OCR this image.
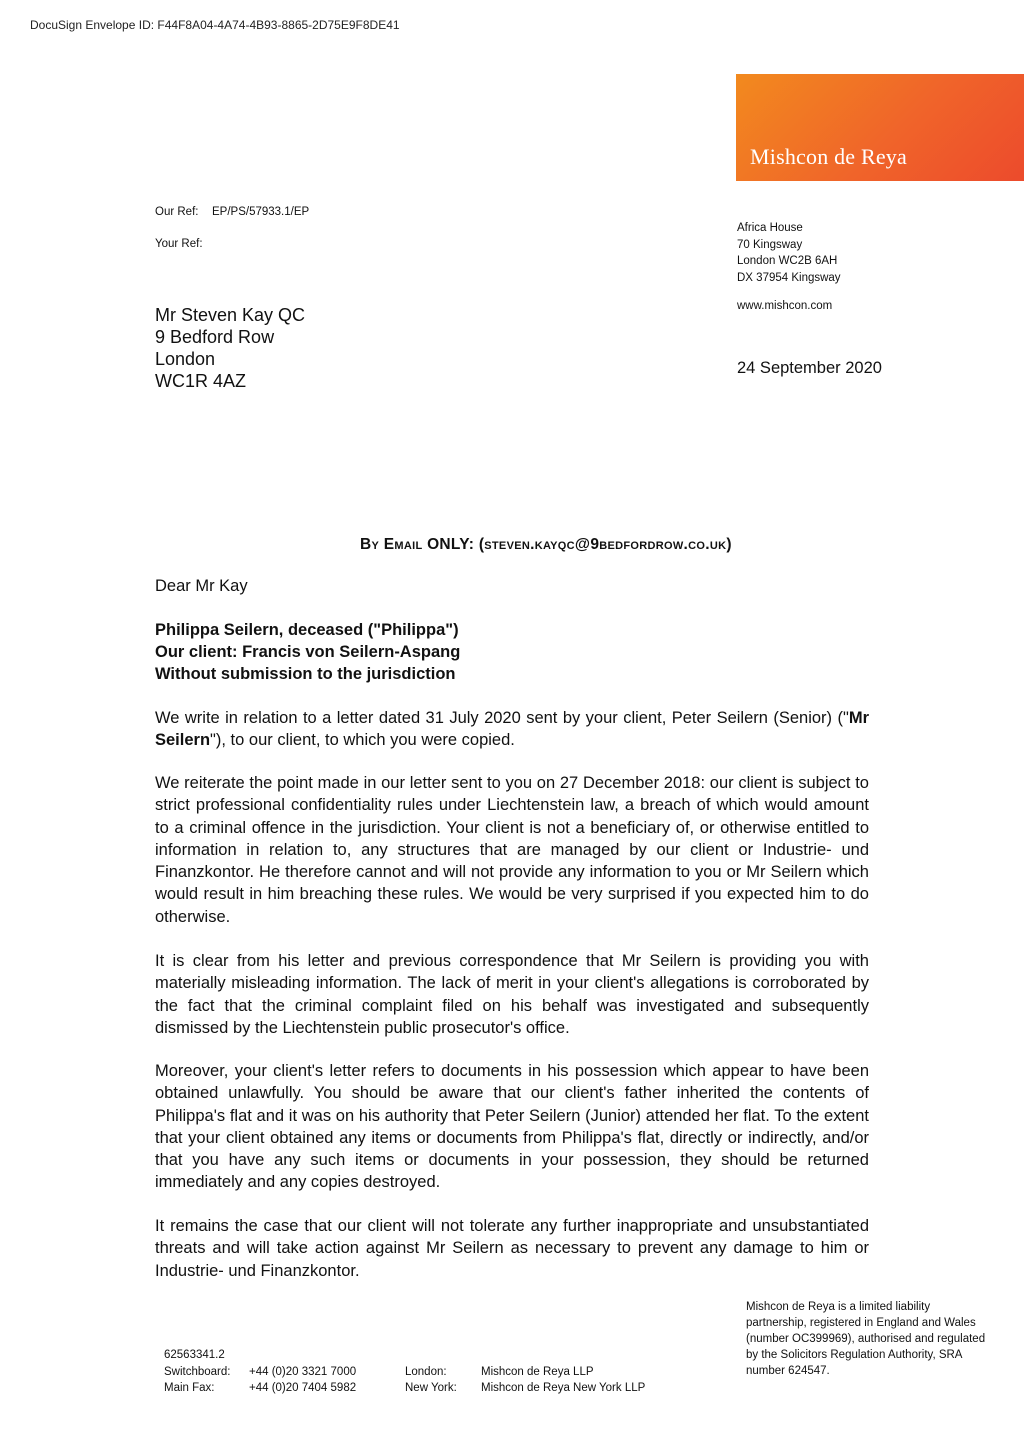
DocuSign Envelope ID: F44F8A04-4A74-4B93-8865-2D75E9F8DE41
Mishcon de Reya
Our Ref: EP/PS/57933.1/EP
Your Ref:
Africa House
70 Kingsway
London WC2B 6AH
DX 37954 Kingsway
www.mishcon.com
Mr Steven Kay QC
9 Bedford Row
London
WC1R 4AZ
24 September 2020
By Email ONLY: (steven.kayqc@9bedfordrow.co.uk)
Dear Mr Kay
Philippa Seilern, deceased ("Philippa")
Our client: Francis von Seilern-Aspang
Without submission to the jurisdiction

We write in relation to a letter dated 31 July 2020 sent by your client, Peter Seilern (Senior) ("Mr Seilern"), to our client, to which you were copied.

We reiterate the point made in our letter sent to you on 27 December 2018: our client is subject to strict professional confidentiality rules under Liechtenstein law, a breach of which would amount to a criminal offence in the jurisdiction. Your client is not a beneficiary of, or otherwise entitled to information in relation to, any structures that are managed by our client or Industrie- und Finanzkontor. He therefore cannot and will not provide any information to you or Mr Seilern which would result in him breaching these rules. We would be very surprised if you expected him to do otherwise.

It is clear from his letter and previous correspondence that Mr Seilern is providing you with materially misleading information. The lack of merit in your client's allegations is corroborated by the fact that the criminal complaint filed on his behalf was investigated and subsequently dismissed by the Liechtenstein public prosecutor's office.

Moreover, your client's letter refers to documents in his possession which appear to have been obtained unlawfully. You should be aware that our client's father inherited the contents of Philippa's flat and it was on his authority that Peter Seilern (Junior) attended her flat. To the extent that your client obtained any items or documents from Philippa's flat, directly or indirectly, and/or that you have any such items or documents in your possession, they should be returned immediately and any copies destroyed.

It remains the case that our client will not tolerate any further inappropriate and unsubstantiated threats and will take action against Mr Seilern as necessary to prevent any damage to him or Industrie- und Finanzkontor.

Mishcon de Reya is a limited liability partnership, registered in England and Wales (number OC399969), authorised and regulated by the Solicitors Regulation Authority, SRA number 624547.
62563341.2
Switchboard: +44 (0)20 3321 7000
Main Fax:	+44 (0)20 7404 5982
London:	Mishcon de Reya LLP
New York: Mishcon de Reya New York LLP
